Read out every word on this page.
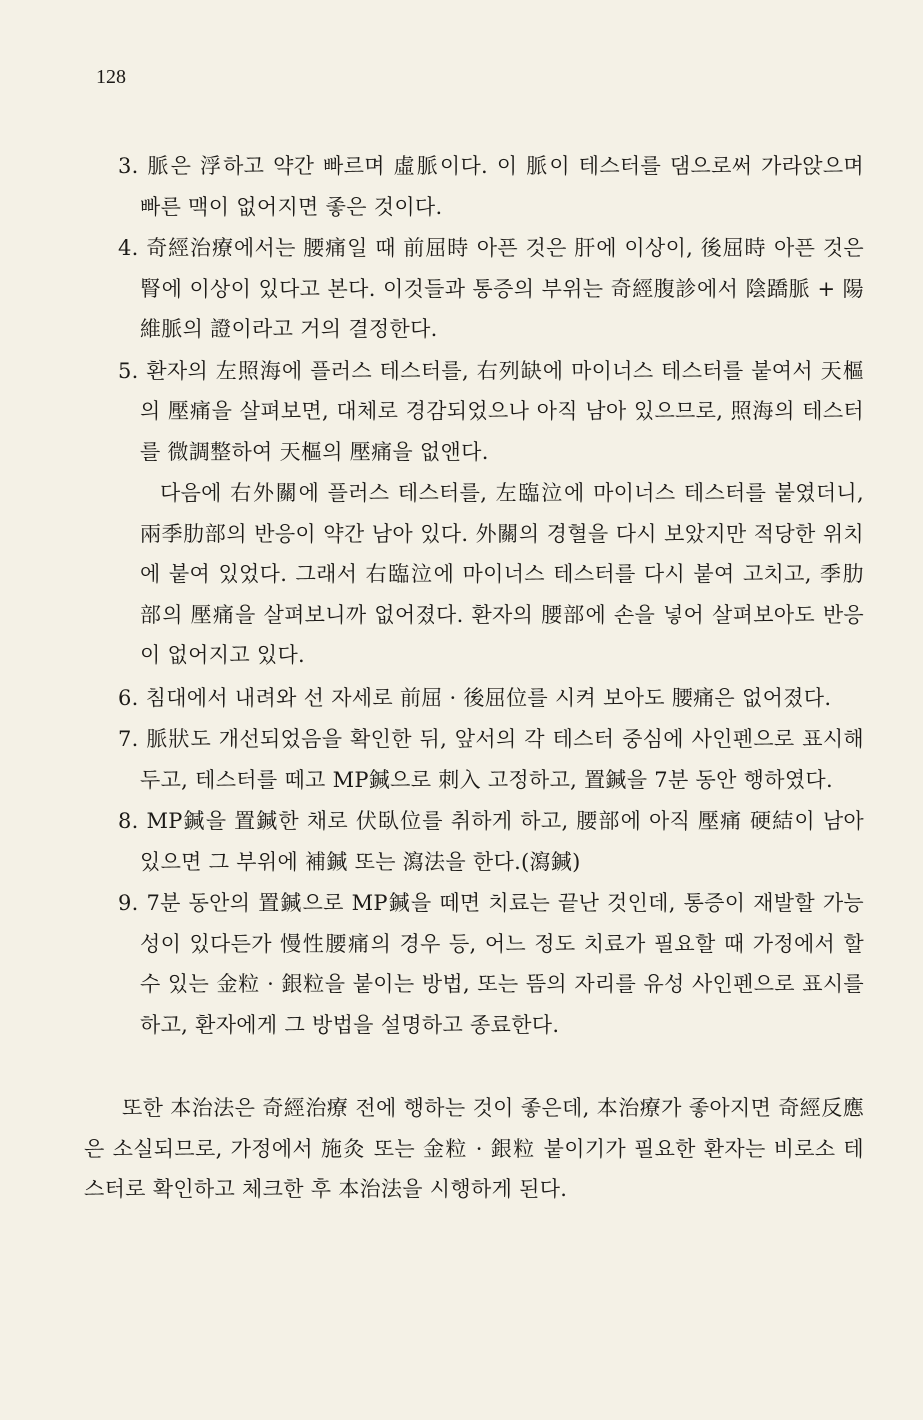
128
3. 脈은 浮하고 약간 빠르며 虛脈이다. 이 脈이 테스터를 댐으로써 가라앉으며 빠른 맥이 없어지면 좋은 것이다.
4. 奇經治療에서는 腰痛일 때 前屈時 아픈 것은 肝에 이상이, 後屈時 아픈 것은 腎에 이상이 있다고 본다. 이것들과 통증의 부위는 奇經腹診에서 陰蹻脈 + 陽維脈의 證이라고 거의 결정한다.
5. 환자의 左照海에 플러스 테스터를, 右列缺에 마이너스 테스터를 붙여서 天樞의 壓痛을 살펴보면, 대체로 경감되었으나 아직 남아 있으므로, 照海의 테스터를 微調整하여 天樞의 壓痛을 없앤다.

다음에 右外關에 플러스 테스터를, 左臨泣에 마이너스 테스터를 붙였더니, 兩季肋部의 반응이 약간 남아 있다. 外關의 경혈을 다시 보았지만 적당한 위치에 붙여 있었다. 그래서 右臨泣에 마이너스 테스터를 다시 붙여 고치고, 季肋部의 壓痛을 살펴보니까 없어졌다. 환자의 腰部에 손을 넣어 살펴보아도 반응이 없어지고 있다.

6. 침대에서 내려와 선 자세로 前屈 · 後屈位를 시켜 보아도 腰痛은 없어졌다.
7. 脈狀도 개선되었음을 확인한 뒤, 앞서의 각 테스터 중심에 사인펜으로 표시해 두고, 테스터를 떼고 MP鍼으로 刺入 고정하고, 置鍼을 7분 동안 행하였다.
8. MP鍼을 置鍼한 채로 伏臥位를 취하게 하고, 腰部에 아직 壓痛 硬結이 남아 있으면 그 부위에 補鍼 또는 瀉法을 한다.(瀉鍼)
9. 7분 동안의 置鍼으로 MP鍼을 떼면 치료는 끝난 것인데, 통증이 재발할 가능성이 있다든가 慢性腰痛의 경우 등, 어느 정도 치료가 필요할 때 가정에서 할 수 있는 金粒 · 銀粒을 붙이는 방법, 또는 뜸의 자리를 유성 사인펜으로 표시를 하고, 환자에게 그 방법을 설명하고 종료한다.

또한 本治法은 奇經治療 전에 행하는 것이 좋은데, 本治療가 좋아지면 奇經反應은 소실되므로, 가정에서 施灸 또는 金粒 · 銀粒 붙이기가 필요한 환자는 비로소 테스터로 확인하고 체크한 후 本治法을 시행하게 된다.
